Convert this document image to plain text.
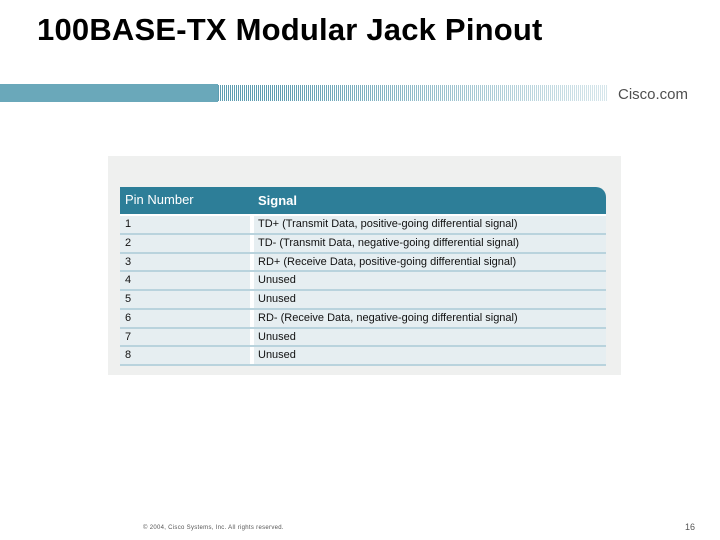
100BASE-TX Modular Jack Pinout
Cisco.com
Pin Number	Signal
1	TD+ (Transmit Data, positive-going differential signal)
2	TD- (Transmit Data, negative-going differential signal)
3	RD+ (Receive Data, positive-going differential signal)
4	Unused
5	Unused
6	RD- (Receive Data, negative-going differential signal)
7	Unused
8	Unused
© 2004, Cisco Systems, Inc. All rights reserved.	16
